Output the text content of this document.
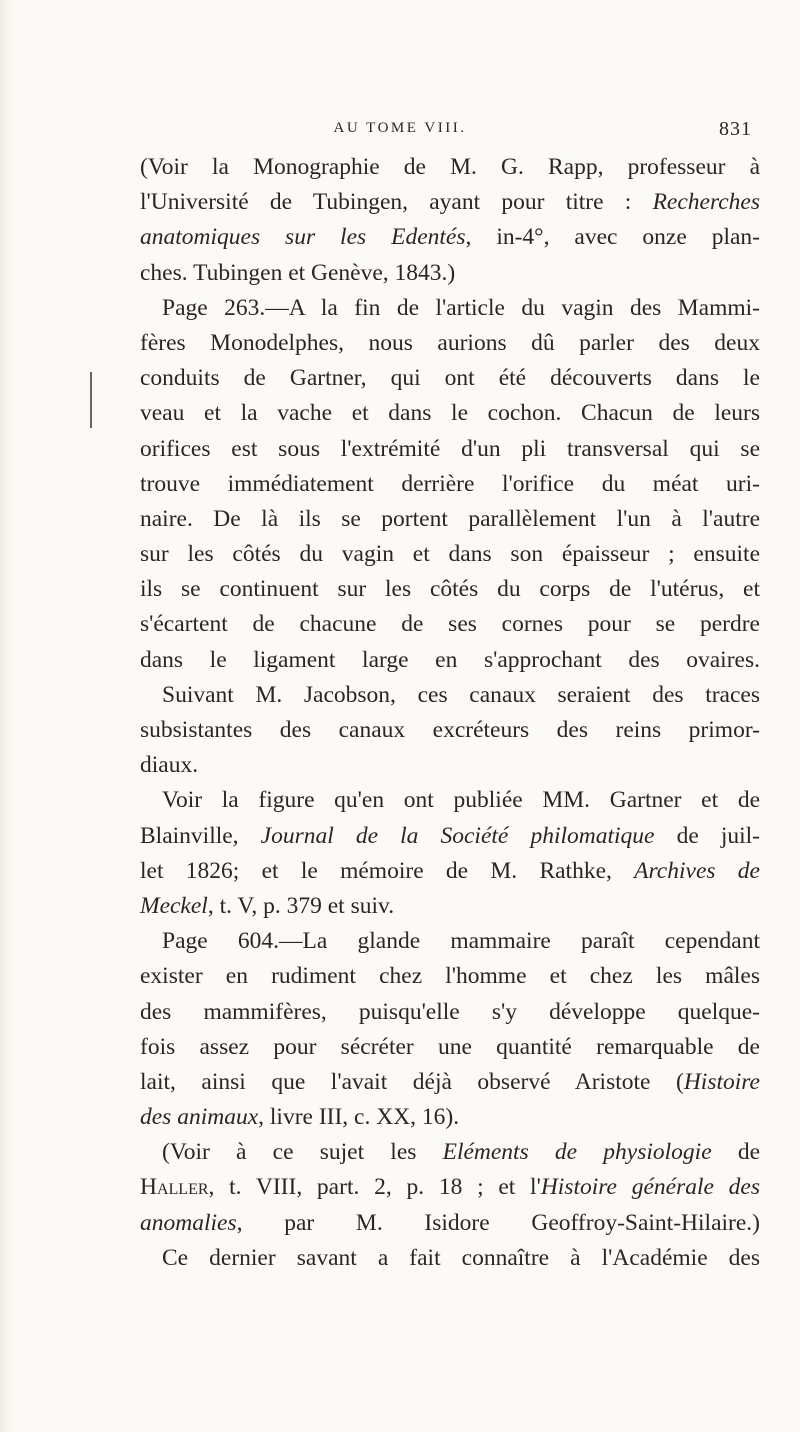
AU TOME VIII.	831
(Voir la Monographie de M. G. Rapp, professeur à
l'Université de Tubingen, ayant pour titre : Recherches
anatomiques sur les Edentés, in-4°, avec onze plan-
ches. Tubingen et Genève, 1843.)
Page 263.—A la fin de l'article du vagin des Mammi-
fères Monodelphes, nous aurions dû parler des deux
conduits de Gartner, qui ont été découverts dans le
veau et la vache et dans le cochon. Chacun de leurs
orifices est sous l'extrémité d'un pli transversal qui se
trouve immédiatement derrière l'orifice du méat uri-
naire. De là ils se portent parallèlement l'un à l'autre
sur les côtés du vagin et dans son épaisseur ; ensuite
ils se continuent sur les côtés du corps de l'utérus, et
s'écartent de chacune de ses cornes pour se perdre
dans le ligament large en s'approchant des ovaires.
Suivant M. Jacobson, ces canaux seraient des traces
subsistantes des canaux excréteurs des reins primor-
diaux.
Voir la figure qu'en ont publiée MM. Gartner et de
Blainville, Journal de la Société philomatique de juil-
let 1826; et le mémoire de M. Rathke, Archives de
Meckel, t. V, p. 379 et suiv.
Page 604.—La glande mammaire paraît cependant
exister en rudiment chez l'homme et chez les mâles
des mammifères, puisqu'elle s'y développe quelque-
fois assez pour sécréter une quantité remarquable de
lait, ainsi que l'avait déjà observé Aristote (Histoire
des animaux, livre III, c. XX, 16).
(Voir à ce sujet les Eléments de physiologie de
Haller, t. VIII, part. 2, p. 18 ; et l'Histoire générale des
anomalies, par M. Isidore Geoffroy-Saint-Hilaire.)
Ce dernier savant a fait connaître à l'Académie des
